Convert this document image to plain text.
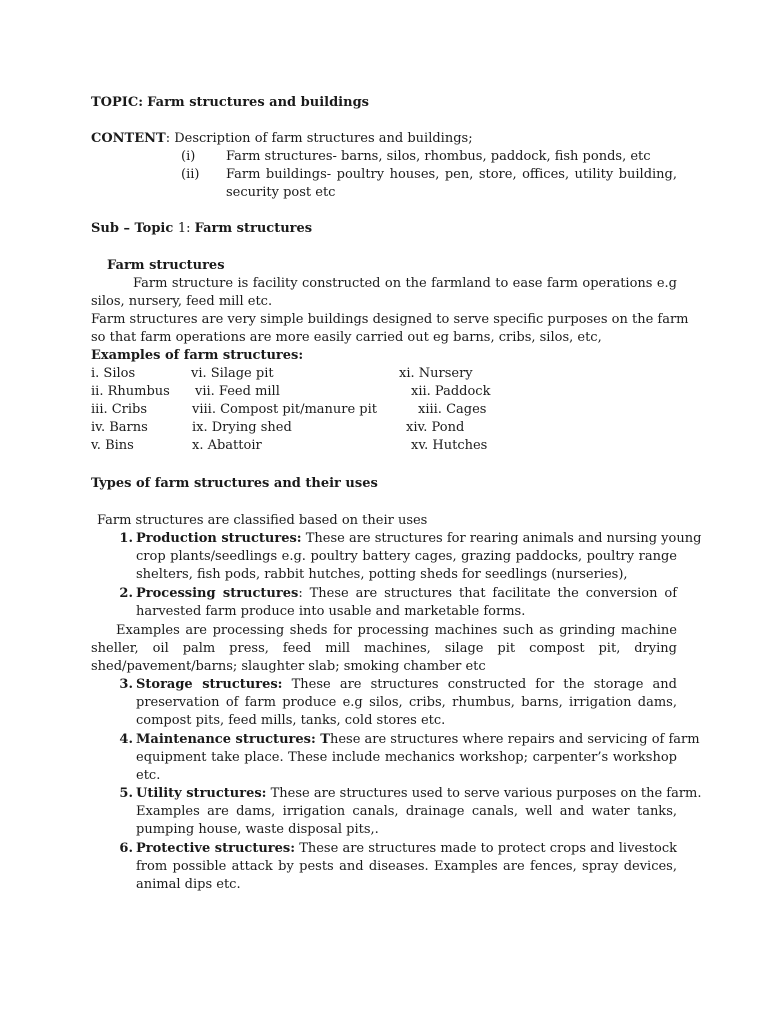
TOPIC: Farm structures and buildings
CONTENT: Description of farm structures and buildings;
(i) Farm structures- barns, silos, rhombus, paddock, fish ponds, etc
(ii) Farm buildings- poultry houses, pen, store, offices, utility building,
security post etc
Sub – Topic 1: Farm structures
Farm structures
Farm structure is facility constructed on the farmland to ease farm operations e.g
silos, nursery, feed mill etc.
Farm structures are very simple buildings designed to serve specific purposes on the farm
so that farm operations are more easily carried out eg barns, cribs, silos, etc,
Examples of farm structures:
i. Silos	vi. Silage pit	xi. Nursery
ii. Rhumbus vii. Feed mill	xii. Paddock
iii. Cribs	viii. Compost pit/manure pit	xiii. Cages
iv. Barns	ix. Drying shed	xiv. Pond
v. Bins	x. Abattoir	xv. Hutches
Types of farm structures and their uses
Farm structures are classified based on their uses
1. Production structures: These are structures for rearing animals and nursing young
crop plants/seedlings e.g. poultry battery cages, grazing paddocks, poultry range
shelters, fish pods, rabbit hutches, potting sheds for seedlings (nurseries),
2. Processing structures: These are structures that facilitate the conversion of
harvested farm produce into usable and marketable forms.
Examples are processing sheds for processing machines such as grinding machine
sheller, oil palm press, feed mill machines, silage pit compost pit, drying
shed/pavement/barns; slaughter slab; smoking chamber etc
3. Storage structures: These are structures constructed for the storage and
preservation of farm produce e.g silos, cribs, rhumbus, barns, irrigation dams,
compost pits, feed mills, tanks, cold stores etc.
4. Maintenance structures: These are structures where repairs and servicing of farm
equipment take place. These include mechanics workshop; carpenter’s workshop
etc.
5. Utility structures: These are structures used to serve various purposes on the farm.
Examples are dams, irrigation canals, drainage canals, well and water tanks,
pumping house, waste disposal pits,.
6. Protective structures: These are structures made to protect crops and livestock
from possible attack by pests and diseases. Examples are fences, spray devices,
animal dips etc.
